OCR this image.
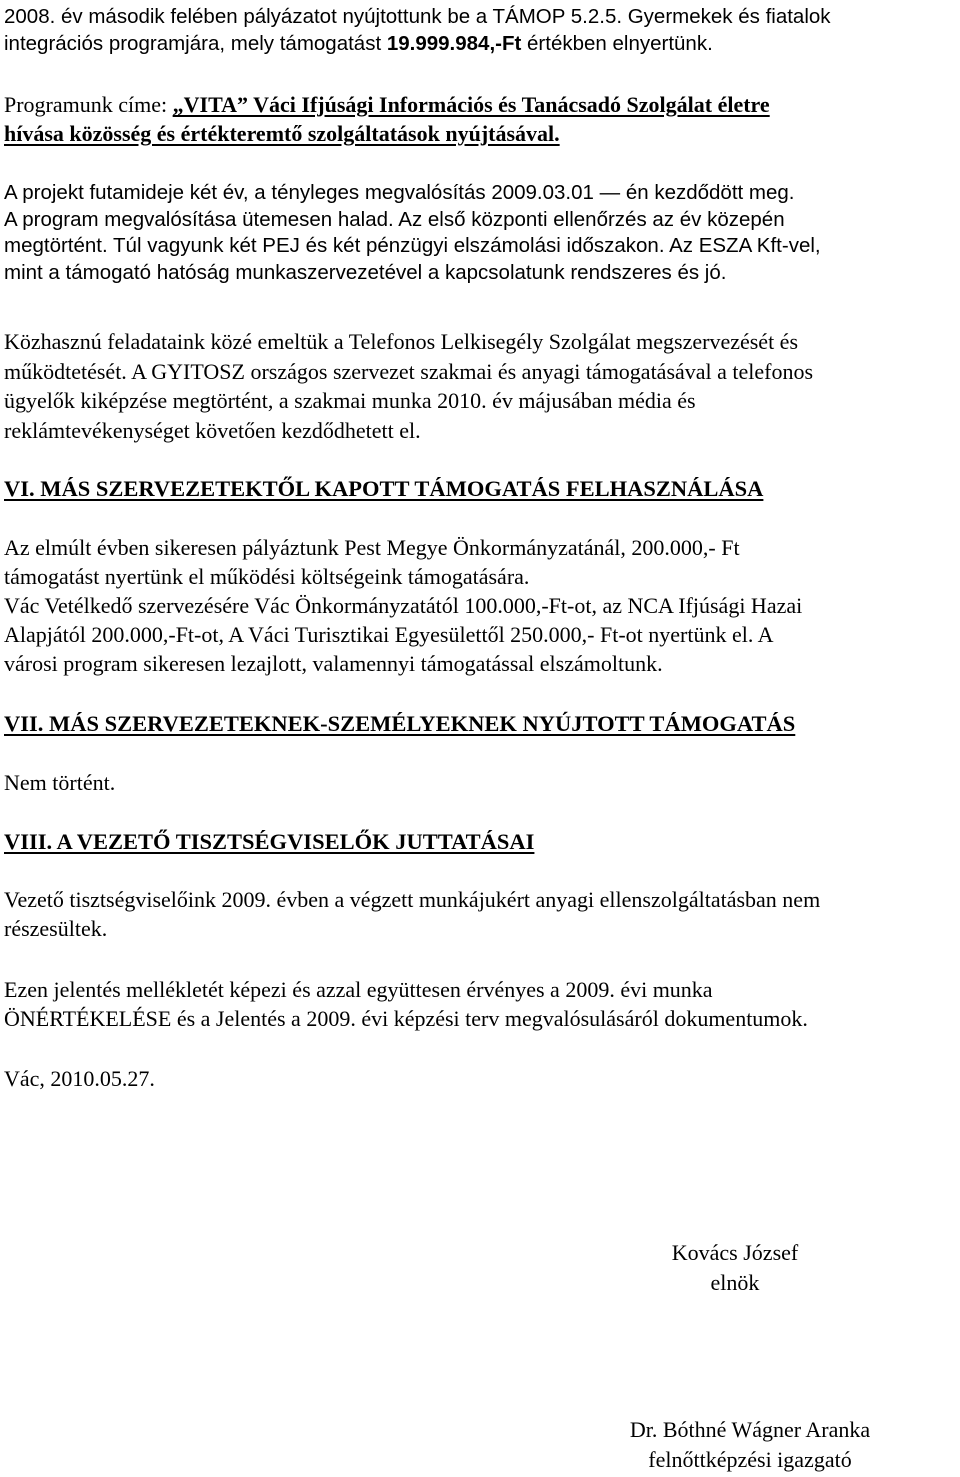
2008. év második felében pályázatot nyújtottunk be a TÁMOP 5.2.5. Gyermekek és fiatalok
integrációs programjára, mely támogatást 19.999.984,-Ft értékben elnyertünk.
Programunk címe: „VITA” Váci Ifjúsági Információs és Tanácsadó Szolgálat életre
hívása közösség és értékteremtő szolgáltatások nyújtásával.
A projekt futamideje két év, a tényleges megvalósítás 2009.03.01 — én kezdődött meg.
A program megvalósítása ütemesen halad. Az első központi ellenőrzés az év közepén
megtörtént. Túl vagyunk két PEJ és két pénzügyi elszámolási időszakon. Az ESZA Kft-vel,
mint a támogató hatóság munkaszervezetével a kapcsolatunk rendszeres és jó.
Közhasznú feladataink közé emeltük a Telefonos Lelkisegély Szolgálat megszervezését és
működtetését. A GYITOSZ országos szervezet szakmai és anyagi támogatásával a telefonos
ügyelők kiképzése megtörtént, a szakmai munka 2010. év májusában média és
reklámtevékenységet követően kezdődhetett el.
VI. MÁS SZERVEZETEKTŐL KAPOTT TÁMOGATÁS FELHASZNÁLÁSA
Az elmúlt évben sikeresen pályáztunk Pest Megye Önkormányzatánál, 200.000,- Ft
támogatást nyertünk el működési költségeink támogatására.
Vác Vetélkedő szervezésére Vác Önkormányzatától 100.000,-Ft-ot, az NCA Ifjúsági Hazai
Alapjától 200.000,-Ft-ot, A Váci Turisztikai Egyesülettől 250.000,- Ft-ot nyertünk el. A
városi program sikeresen lezajlott, valamennyi támogatással elszámoltunk.
VII. MÁS SZERVEZETEKNEK-SZEMÉLYEKNEK NYÚJTOTT TÁMOGATÁS
Nem történt.
VIII. A VEZETŐ TISZTSÉGVISELŐK JUTTATÁSAI
Vezető tisztségviselőink 2009. évben a végzett munkájukért anyagi ellenszolgáltatásban nem
részesültek.
Ezen jelentés mellékletét képezi és azzal együttesen érvényes a 2009. évi munka
ÖNÉRTÉKELÉSE és a Jelentés a 2009. évi képzési terv megvalósulásáról dokumentumok.
Vác, 2010.05.27.
Kovács József
elnök
Dr. Bóthné Wágner Aranka
felnőttképzési igazgató
